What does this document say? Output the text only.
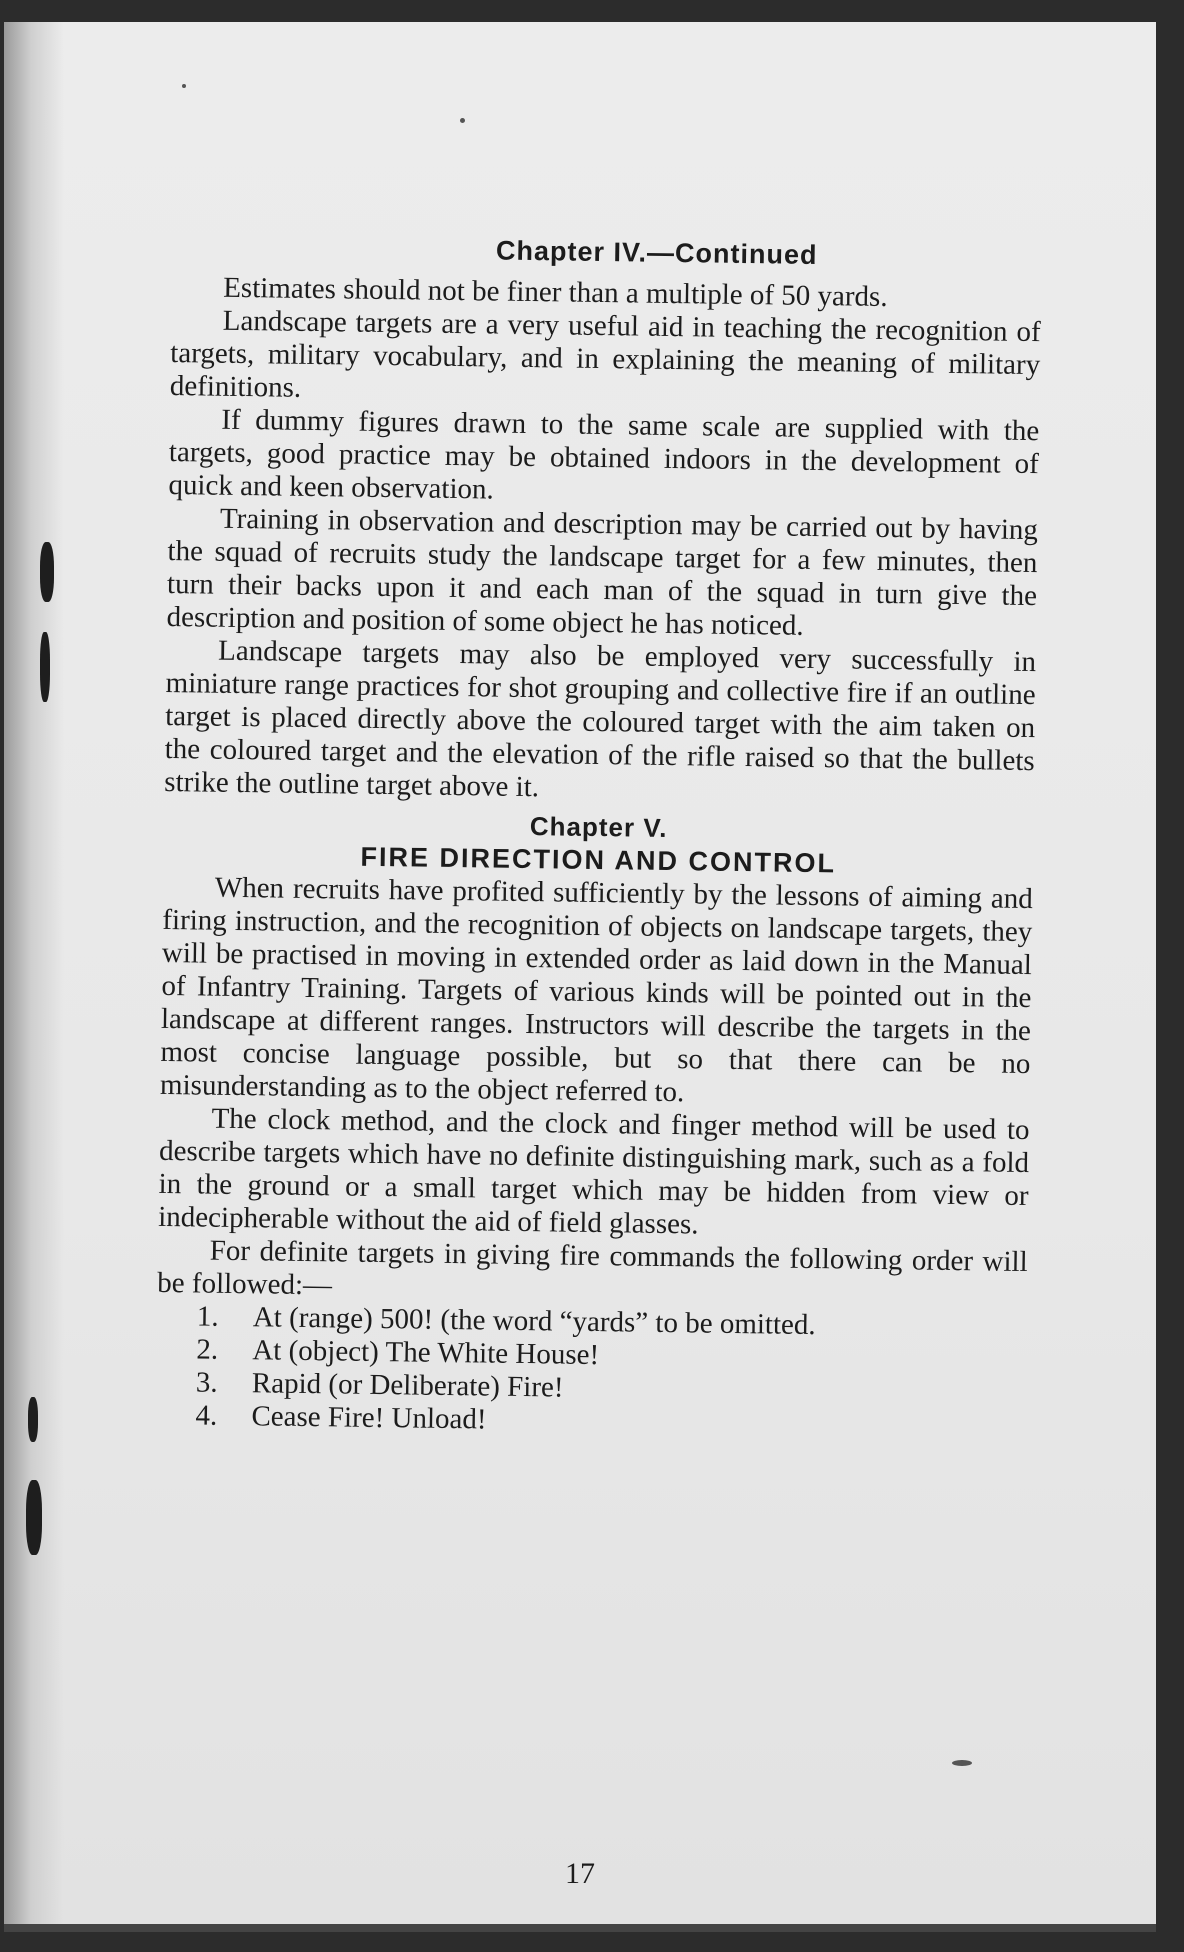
Chapter IV.—Continued

Estimates should not be finer than a multiple of 50 yards.

Landscape targets are a very useful aid in teaching the recognition of targets, military vocabulary, and in explaining the meaning of military definitions.

If dummy figures drawn to the same scale are supplied with the targets, good practice may be obtained indoors in the development of quick and keen observation.

Training in observation and description may be carried out by having the squad of recruits study the landscape target for a few minutes, then turn their backs upon it and each man of the squad in turn give the description and position of some object he has noticed.

Landscape targets may also be employed very successfully in miniature range practices for shot grouping and collective fire if an outline target is placed directly above the coloured target with the aim taken on the coloured target and the elevation of the rifle raised so that the bullets strike the outline target above it.

Chapter V.
FIRE DIRECTION AND CONTROL

When recruits have profited sufficiently by the lessons of aiming and firing instruction, and the recognition of objects on landscape targets, they will be practised in moving in extended order as laid down in the Manual of Infantry Training. Targets of various kinds will be pointed out in the landscape at different ranges. Instructors will describe the targets in the most concise language possible, but so that there can be no misunderstanding as to the object referred to.

The clock method, and the clock and finger method will be used to describe targets which have no definite distinguishing mark, such as a fold in the ground or a small target which may be hidden from view or indecipherable without the aid of field glasses.

For definite targets in giving fire commands the following order will be followed:—

1. At (range) 500! (the word “yards” to be omitted.
2. At (object) The White House!
3. Rapid (or Deliberate) Fire!
4. Cease Fire! Unload!
17
